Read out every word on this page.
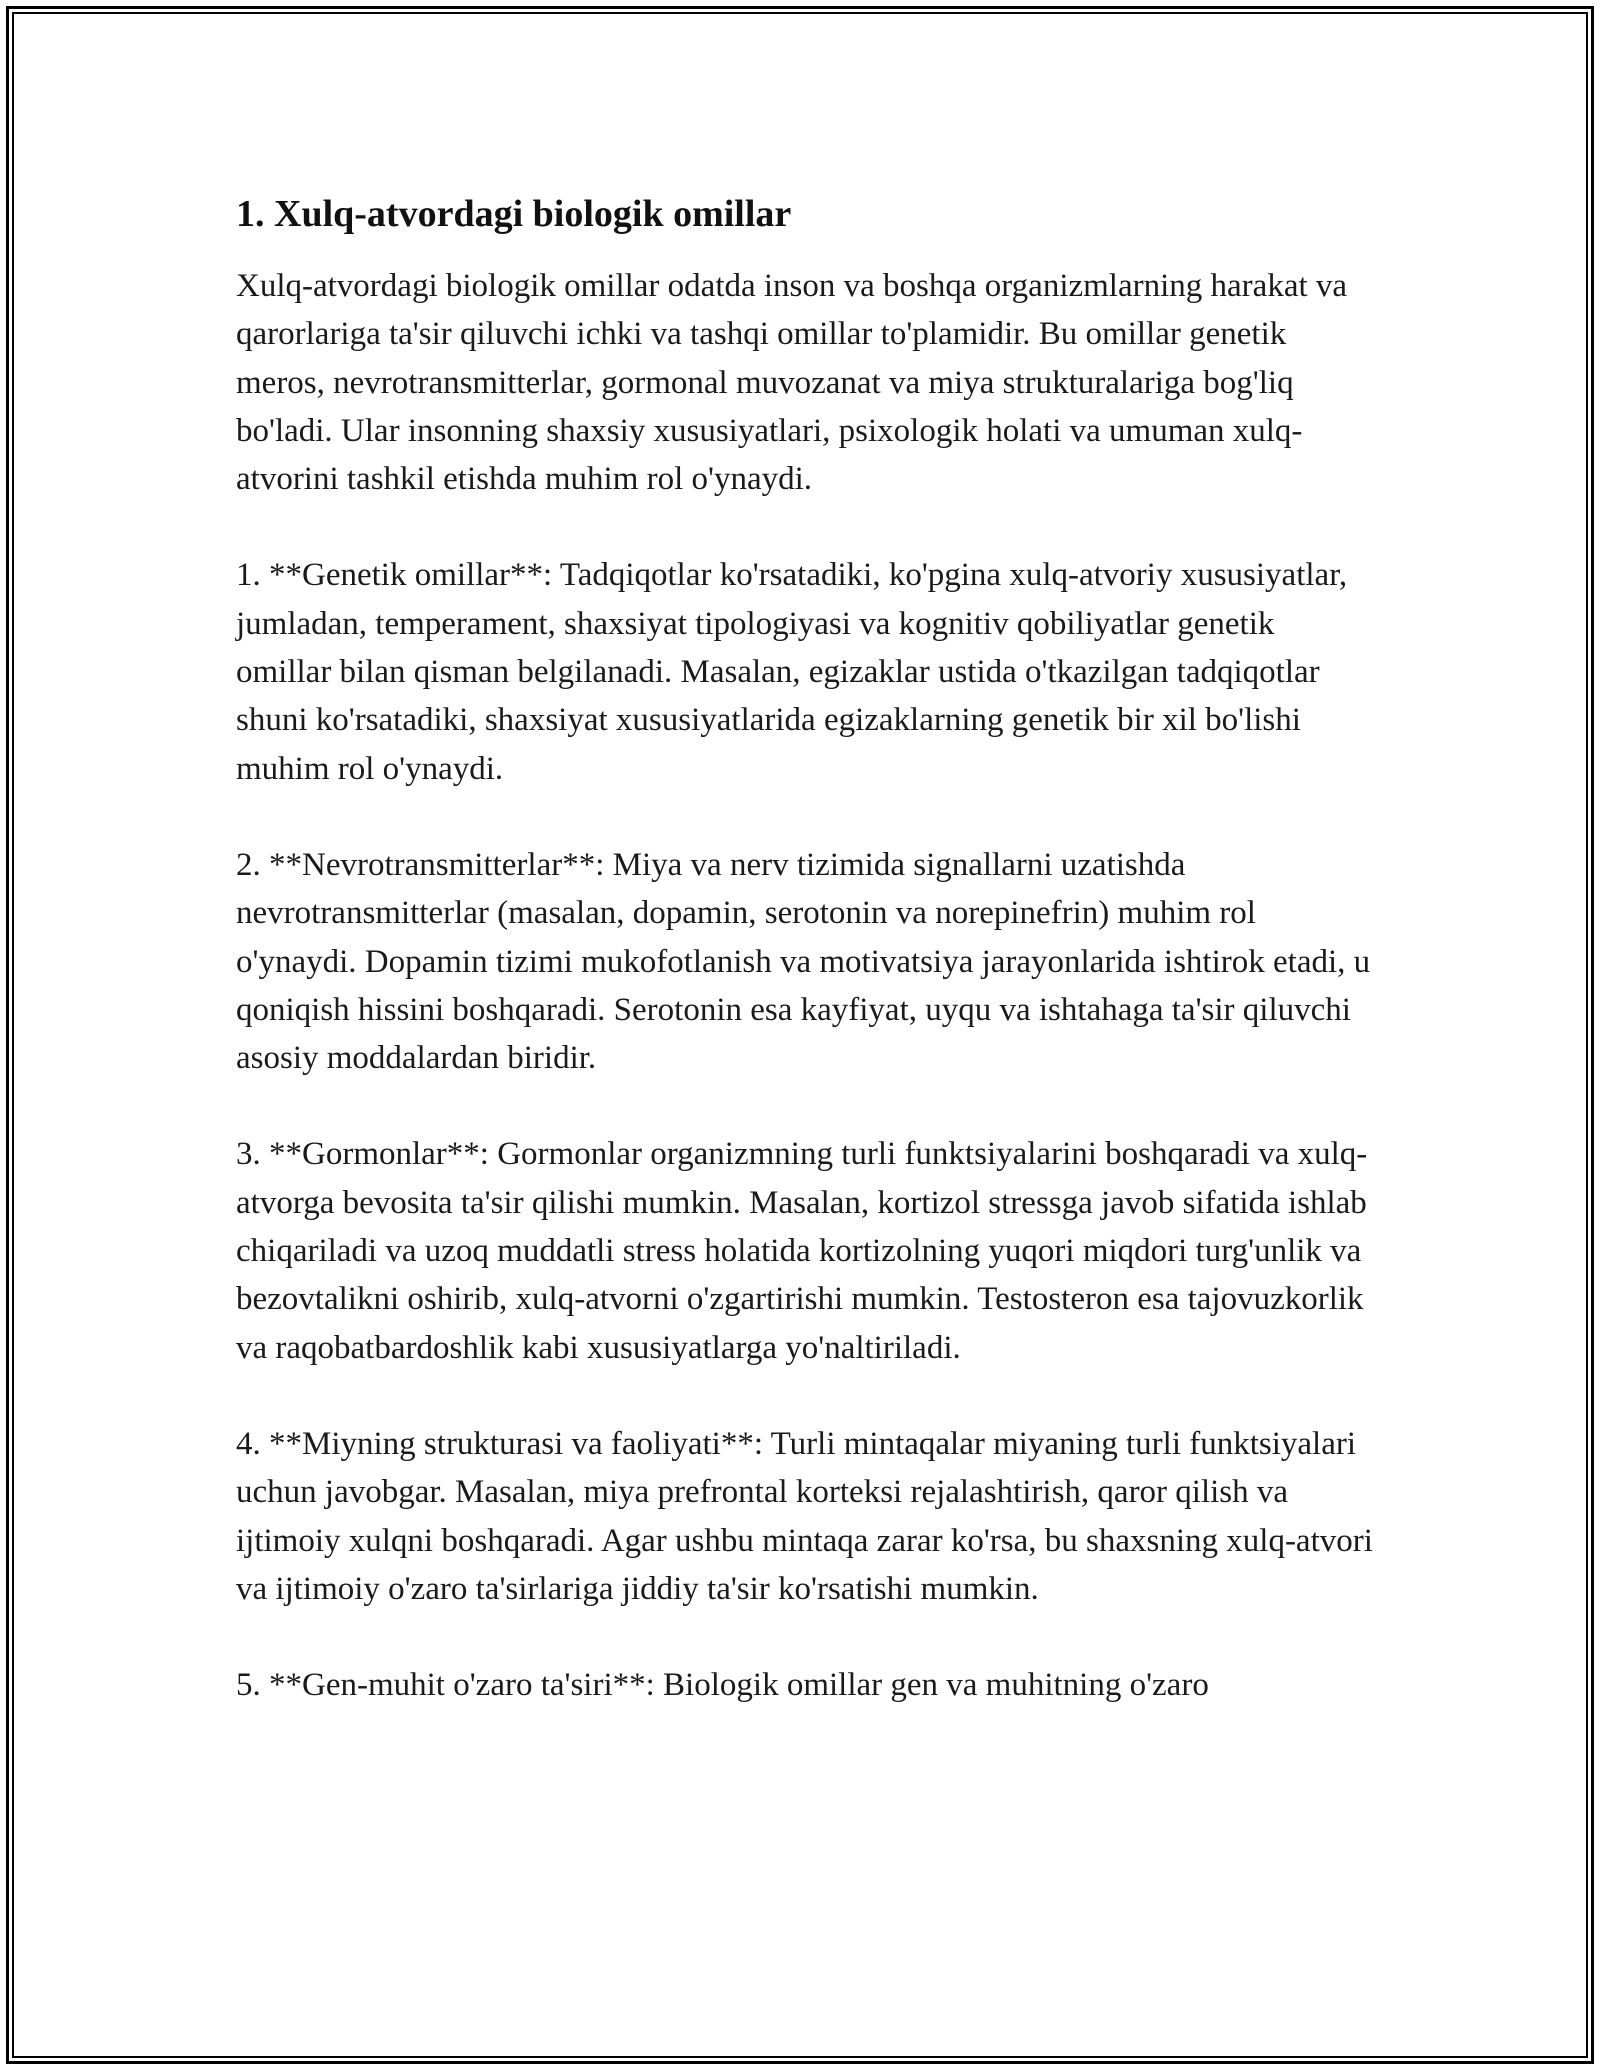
1. Xulq-atvordagi biologik omillar

Xulq-atvordagi biologik omillar odatda inson va boshqa organizmlarning harakat va qarorlariga ta'sir qiluvchi ichki va tashqi omillar to'plamidir. Bu omillar genetik meros, nevrotransmitterlar, gormonal muvozanat va miya strukturalariga bog'liq bo'ladi. Ular insonning shaxsiy xususiyatlari, psixologik holati va umuman xulq-atvorini tashkil etishda muhim rol o'ynaydi.

1. **Genetik omillar**: Tadqiqotlar ko'rsatadiki, ko'pgina xulq-atvoriy xususiyatlar, jumladan, temperament, shaxsiyat tipologiyasi va kognitiv qobiliyatlar genetik omillar bilan qisman belgilanadi. Masalan, egizaklar ustida o'tkazilgan tadqiqotlar shuni ko'rsatadiki, shaxsiyat xususiyatlarida egizaklarning genetik bir xil bo'lishi muhim rol o'ynaydi.

2. **Nevrotransmitterlar**: Miya va nerv tizimida signallarni uzatishda nevrotransmitterlar (masalan, dopamin, serotonin va norepinefrin) muhim rol o'ynaydi. Dopamin tizimi mukofotlanish va motivatsiya jarayonlarida ishtirok etadi, u qoniqish hissini boshqaradi. Serotonin esa kayfiyat, uyqu va ishtahaga ta'sir qiluvchi asosiy moddalardan biridir.

3. **Gormonlar**: Gormonlar organizmning turli funktsiyalarini boshqaradi va xulq-atvorga bevosita ta'sir qilishi mumkin. Masalan, kortizol stressga javob sifatida ishlab chiqariladi va uzoq muddatli stress holatida kortizolning yuqori miqdori turg'unlik va bezovtalikni oshirib, xulq-atvorni o'zgartirishi mumkin. Testosteron esa tajovuzkorlik va raqobatbardoshlik kabi xususiyatlarga yo'naltiriladi.

4. **Miyning strukturasi va faoliyati**: Turli mintaqalar miyaning turli funktsiyalari uchun javobgar. Masalan, miya prefrontal korteksi rejalashtirish, qaror qilish va ijtimoiy xulqni boshqaradi. Agar ushbu mintaqa zarar ko'rsa, bu shaxsning xulq-atvori va ijtimoiy o'zaro ta'sirlariga jiddiy ta'sir ko'rsatishi mumkin.

5. **Gen-muhit o'zaro ta'siri**: Biologik omillar gen va muhitning o'zaro
